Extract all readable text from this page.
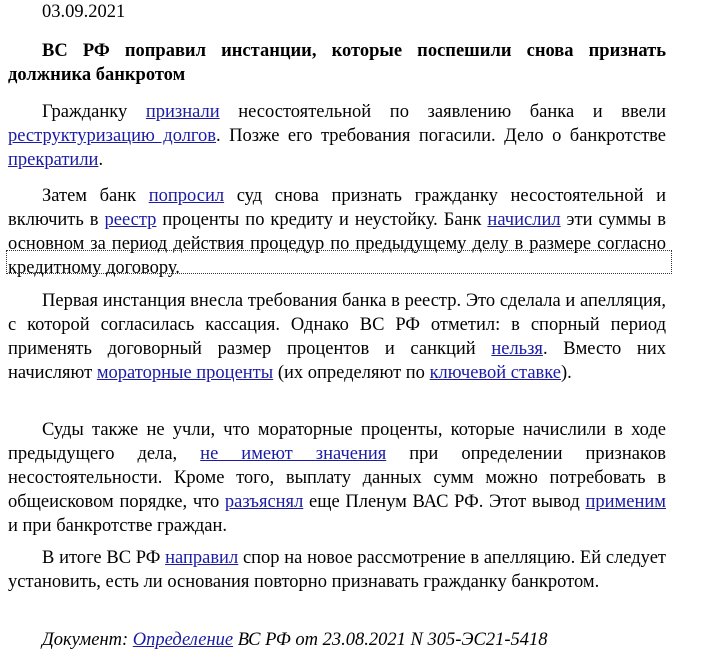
03.09.2021
ВС РФ поправил инстанции, которые поспешили снова признать должника банкротом

Гражданку признали несостоятельной по заявлению банка и ввели реструктуризацию долгов. Позже его требования погасили. Дело о банкротстве прекратили.

Затем банк попросил суд снова признать гражданку несостоятельной и включить в реестр проценты по кредиту и неустойку. Банк начислил эти суммы в основном за период действия процедур по предыдущему делу в размере согласно кредитному договору.

Первая инстанция внесла требования банка в реестр. Это сделала и апелляция, с которой согласилась кассация. Однако ВС РФ отметил: в спорный период применять договорный размер процентов и санкций нельзя. Вместо них начисляют мораторные проценты (их определяют по ключевой ставке).

Суды также не учли, что мораторные проценты, которые начислили в ходе предыдущего дела, не имеют значения при определении признаков несостоятельности. Кроме того, выплату данных сумм можно потребовать в общеисковом порядке, что разъяснял еще Пленум ВАС РФ. Этот вывод применим и при банкротстве граждан.

В итоге ВС РФ направил спор на новое рассмотрение в апелляцию. Ей следует установить, есть ли основания повторно признавать гражданку банкротом.

Документ: Определение ВС РФ от 23.08.2021 N 305-ЭС21-5418
